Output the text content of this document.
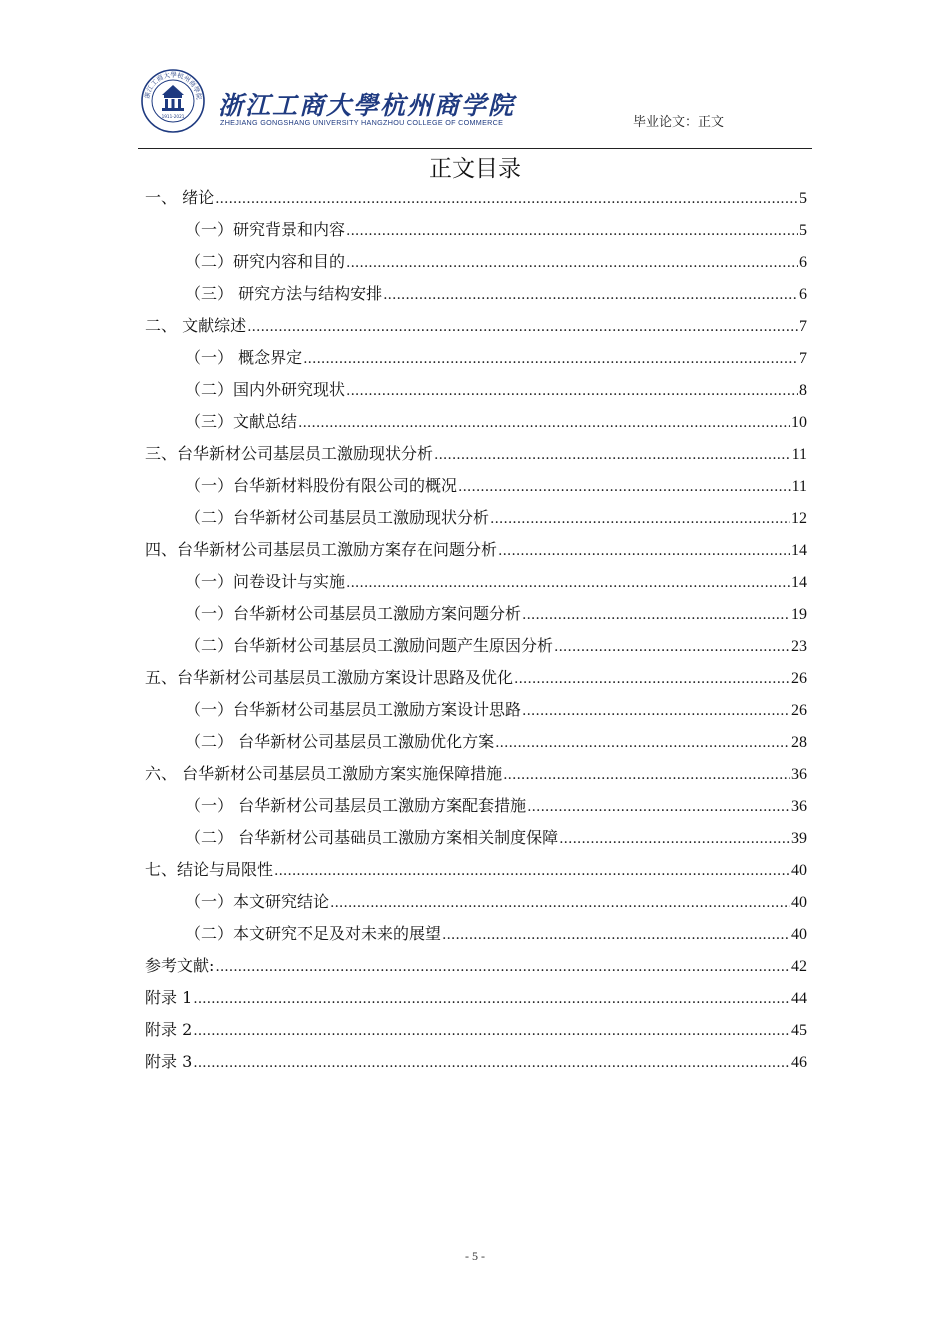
浙江工商大學杭州商學院
1911-2021 浙江工商大學杭州商学院
ZHEJIANG GONGSHANG UNIVERSITY HANGZHOU COLLEGE OF COMMERCE	毕业论文：正文
正文目录
一、 绪论 .....	5
（一）研究背景和内容 .....	5
（二）研究内容和目的 .....	6
（三） 研究方法与结构安排 .....	6
二、 文献综述 .....	7
（一） 概念界定 .....	7
（二）国内外研究现状 .....	8
（三）文献总结 .....	10
三、台华新材公司基层员工激励现状分析 .....	11
（一）台华新材料股份有限公司的概况 .....	11
（二）台华新材公司基层员工激励现状分析 .....	12
四、台华新材公司基层员工激励方案存在问题分析 .....	14
（一）问卷设计与实施 .....	14
（一）台华新材公司基层员工激励方案问题分析 .....	19
（二）台华新材公司基层员工激励问题产生原因分析 .....	23
五、台华新材公司基层员工激励方案设计思路及优化 .....	26
（一）台华新材公司基层员工激励方案设计思路 .....	26
（二） 台华新材公司基层员工激励优化方案 .....	28
六、 台华新材公司基层员工激励方案实施保障措施 .....	36
（一） 台华新材公司基层员工激励方案配套措施 .....	36
（二） 台华新材公司基础员工激励方案相关制度保障 .....	39
七、结论与局限性 .....	40
（一）本文研究结论 .....	40
（二）本文研究不足及对未来的展望 .....	40
参考文献: .....	42
附录 1 .....	44
附录 2 .....	45
附录 3 .....	46
- 5 -
